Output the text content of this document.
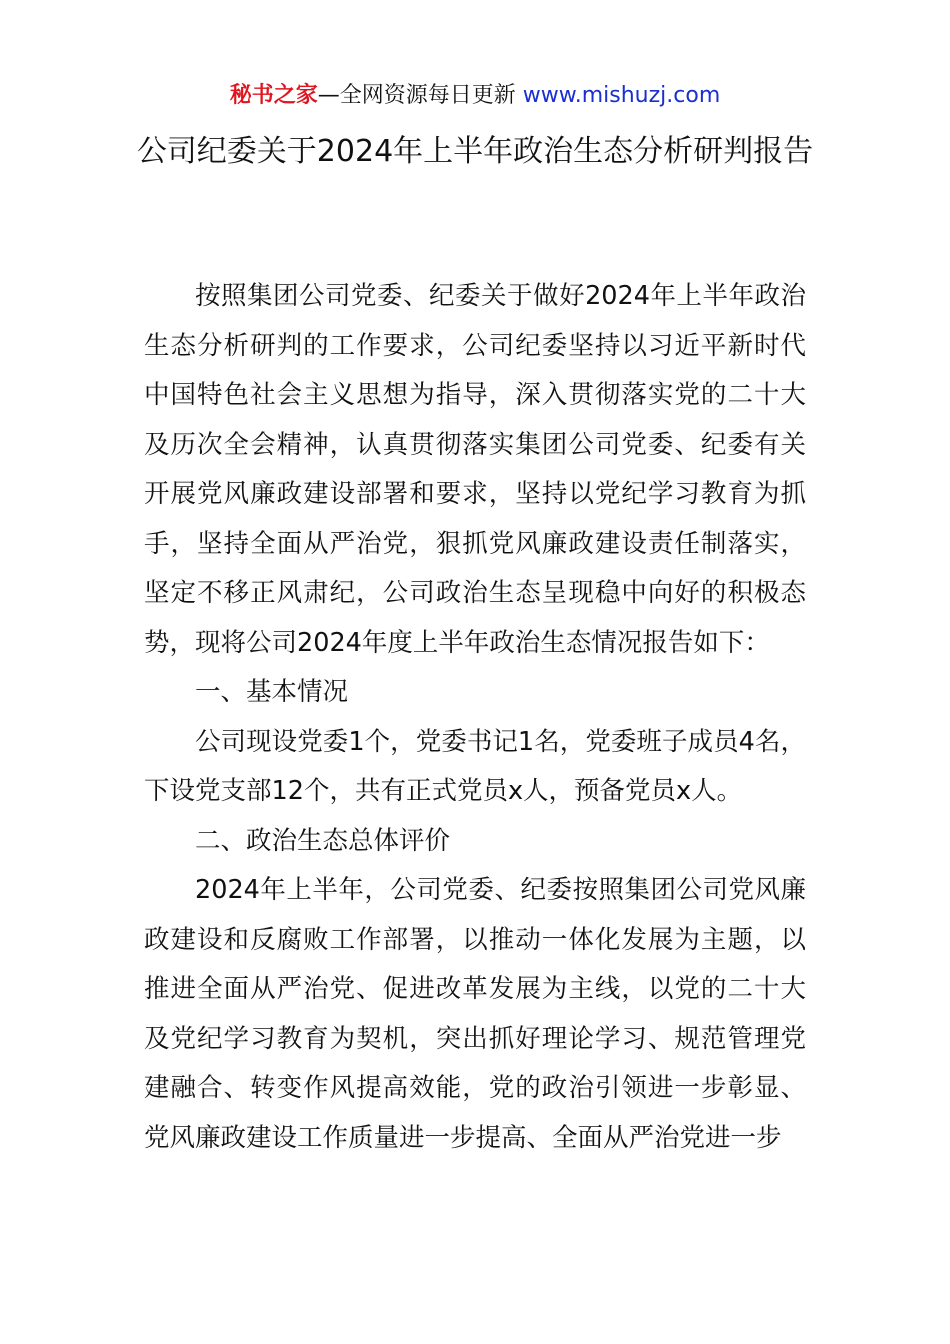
秘书之家—全网资源每日更新 www.mishuzj.com
公司纪委关于2024年上半年政治生态分析研判报告

按照集团公司党委、纪委关于做好2024年上半年政治生态分析研判的工作要求，公司纪委坚持以习近平新时代中国特色社会主义思想为指导，深入贯彻落实党的二十大及历次全会精神，认真贯彻落实集团公司党委、纪委有关开展党风廉政建设部署和要求，坚持以党纪学习教育为抓手，坚持全面从严治党，狠抓党风廉政建设责任制落实，坚定不移正风肃纪，公司政治生态呈现稳中向好的积极态势，现将公司2024年度上半年政治生态情况报告如下：

一、基本情况

公司现设党委1个，党委书记1名，党委班子成员4名，下设党支部12个，共有正式党员x人，预备党员x人。

二、政治生态总体评价

2024年上半年，公司党委、纪委按照集团公司党风廉政建设和反腐败工作部署，以推动一体化发展为主题，以推进全面从严治党、促进改革发展为主线，以党的二十大及党纪学习教育为契机，突出抓好理论学习、规范管理党建融合、转变作风提高效能，党的政治引领进一步彰显、党风廉政建设工作质量进一步提高、全面从严治党进一步
